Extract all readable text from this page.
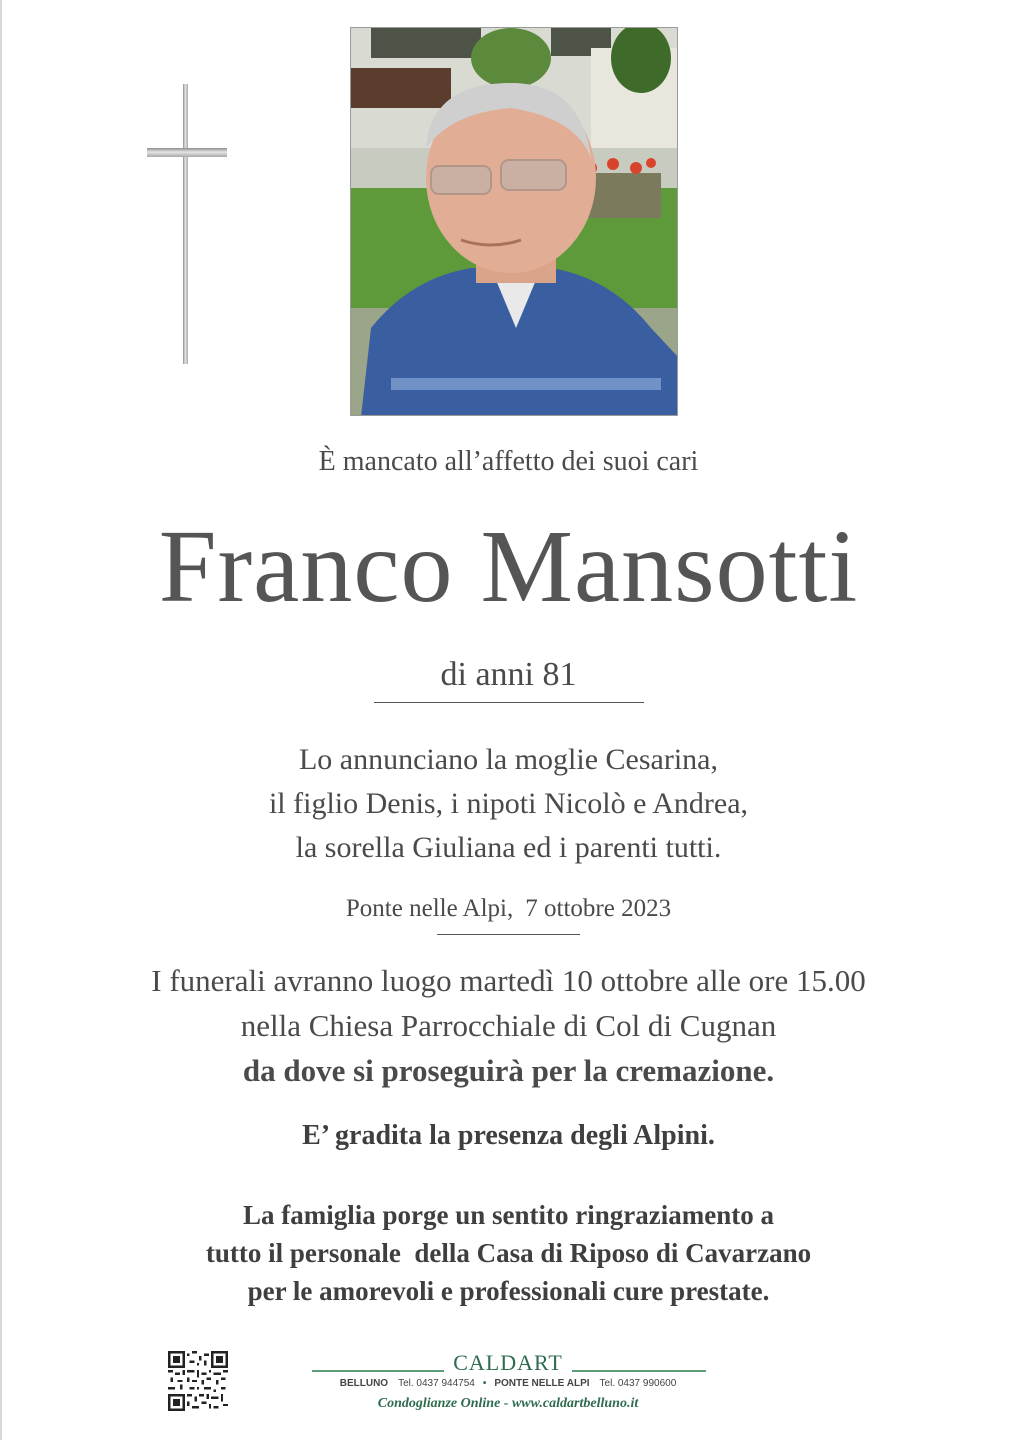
È mancato all’affetto dei suoi cari
Franco Mansotti
di anni 81
Lo annunciano la moglie Cesarina,
il figlio Denis, i nipoti Nicolò e Andrea,
la sorella Giuliana ed i parenti tutti.
Ponte nelle Alpi, 7 ottobre 2023
I funerali avranno luogo martedì 10 ottobre alle ore 15.00
nella Chiesa Parrocchiale di Col di Cugnan
da dove si proseguirà per la cremazione.
E’ gradita la presenza degli Alpini.
La famiglia porge un sentito ringraziamento a
tutto il personale  della Casa di Riposo di Cavarzano
per le amorevoli e professionali cure prestate.
CALDART
BELLUNO Tel. 0437 944754 • PONTE NELLE ALPI Tel. 0437 990600
Condoglianze Online - www.caldartbelluno.it
